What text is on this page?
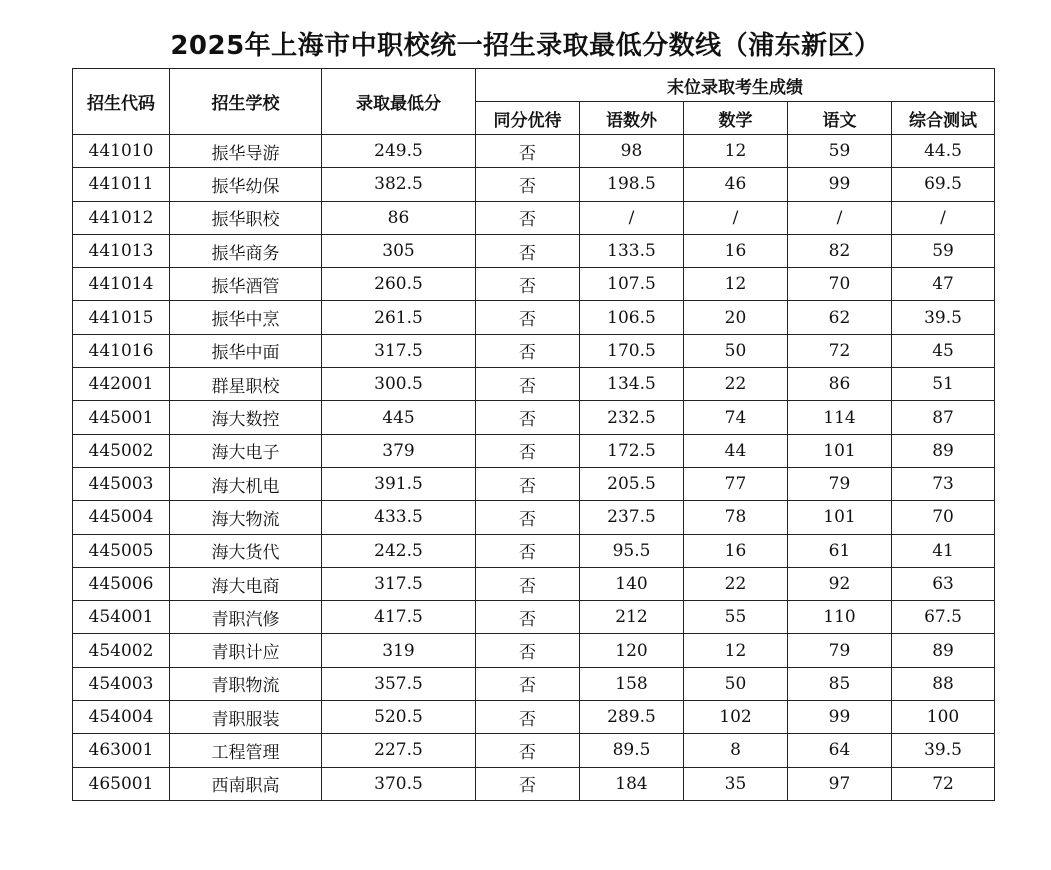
2025年上海市中职校统一招生录取最低分数线（浦东新区）
招生代码	招生学校	录取最低分	末位录取考生成绩				
			同分优待	语数外	数学	语文	综合测试
441010	振华导游	249.5	否	98	12	59	44.5
441011	振华幼保	382.5	否	198.5	46	99	69.5
441012	振华职校	86	否	/	/	/	/
441013	振华商务	305	否	133.5	16	82	59
441014	振华酒管	260.5	否	107.5	12	70	47
441015	振华中烹	261.5	否	106.5	20	62	39.5
441016	振华中面	317.5	否	170.5	50	72	45
442001	群星职校	300.5	否	134.5	22	86	51
445001	海大数控	445	否	232.5	74	114	87
445002	海大电子	379	否	172.5	44	101	89
445003	海大机电	391.5	否	205.5	77	79	73
445004	海大物流	433.5	否	237.5	78	101	70
445005	海大货代	242.5	否	95.5	16	61	41
445006	海大电商	317.5	否	140	22	92	63
454001	青职汽修	417.5	否	212	55	110	67.5
454002	青职计应	319	否	120	12	79	89
454003	青职物流	357.5	否	158	50	85	88
454004	青职服装	520.5	否	289.5	102	99	100
463001	工程管理	227.5	否	89.5	8	64	39.5
465001	西南职高	370.5	否	184	35	97	72
